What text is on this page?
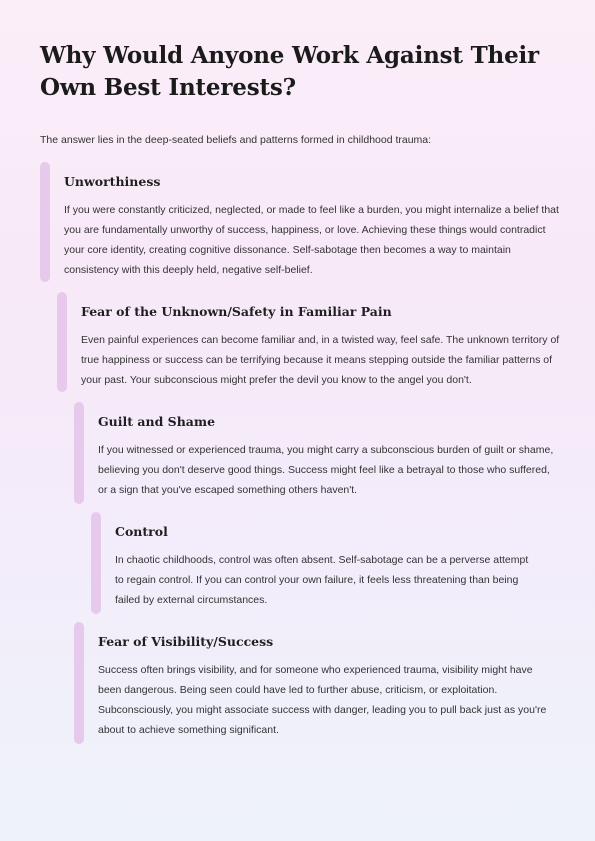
Why Would Anyone Work Against Their Own Best Interests?

The answer lies in the deep-seated beliefs and patterns formed in childhood trauma:

Unworthiness

If you were constantly criticized, neglected, or made to feel like a burden, you might internalize a belief that you are fundamentally unworthy of success, happiness, or love. Achieving these things would contradict your core identity, creating cognitive dissonance. Self-sabotage then becomes a way to maintain consistency with this deeply held, negative self-belief.

Fear of the Unknown/Safety in Familiar Pain

Even painful experiences can become familiar and, in a twisted way, feel safe. The unknown territory of true happiness or success can be terrifying because it means stepping outside the familiar patterns of your past. Your subconscious might prefer the devil you know to the angel you don't.

Guilt and Shame

If you witnessed or experienced trauma, you might carry a subconscious burden of guilt or shame, believing you don't deserve good things. Success might feel like a betrayal to those who suffered, or a sign that you've escaped something others haven't.

Control

In chaotic childhoods, control was often absent. Self-sabotage can be a perverse attempt to regain control. If you can control your own failure, it feels less threatening than being failed by external circumstances.

Fear of Visibility/Success

Success often brings visibility, and for someone who experienced trauma, visibility might have been dangerous. Being seen could have led to further abuse, criticism, or exploitation. Subconsciously, you might associate success with danger, leading you to pull back just as you're about to achieve something significant.
